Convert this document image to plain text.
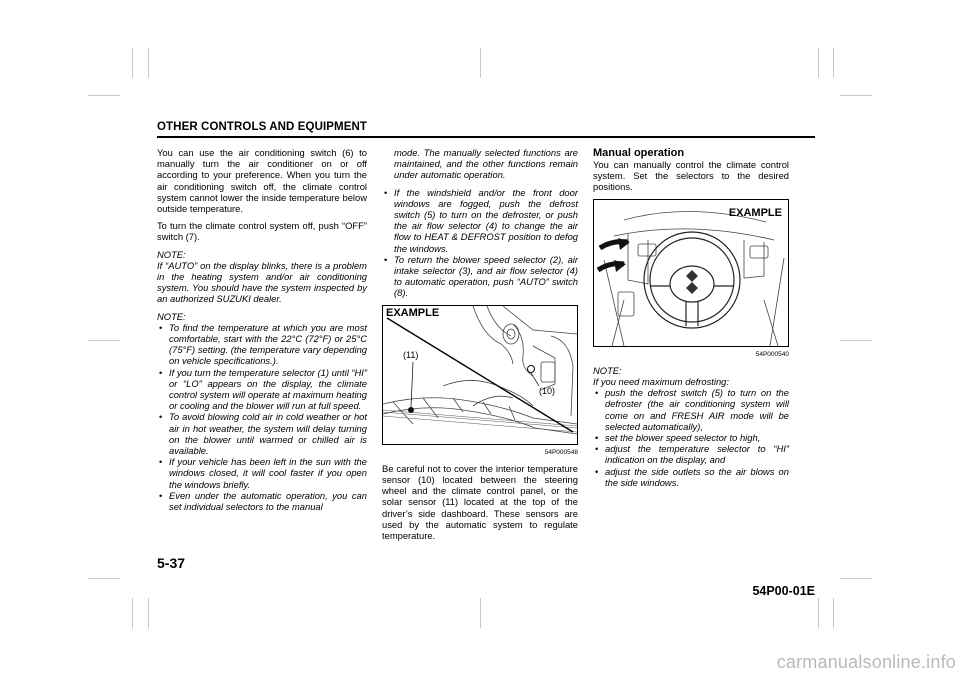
OTHER CONTROLS AND EQUIPMENT

You can use the air conditioning switch (6) to manually turn the air conditioner on or off according to your preference. When you turn the air conditioning switch off, the climate control system cannot lower the inside temperature below outside temperature.

To turn the climate control system off, push “OFF” switch (7).

NOTE:

If “AUTO” on the display blinks, there is a problem in the heating system and/or air conditioning system. You should have the system inspected by an authorized SUZUKI dealer.

NOTE:
• To find the temperature at which you are most comfortable, start with the 22°C (72°F) or 25°C (75°F) setting. (the temperature vary depending on vehicle specifications.).
• If you turn the temperature selector (1) until “HI” or “LO” appears on the display, the climate control system will operate at maximum heating or cooling and the blower will run at full speed.
• To avoid blowing cold air in cold weather or hot air in hot weather, the system will delay turning on the blower until warmed or chilled air is available.
• If your vehicle has been left in the sun with the windows closed, it will cool faster if you open the windows briefly.
• Even under the automatic operation, you can set individual selectors to the manual

mode. The manually selected functions are maintained, and the other functions remain under automatic operation.

• If the windshield and/or the front door windows are fogged, push the defrost switch (5) to turn on the defroster, or push the air flow selector (4) to change the air flow to HEAT & DEFROST position to defog the windows.
• To return the blower speed selector (2), air intake selector (3), and air flow selector (4) to automatic operation, push “AUTO” switch (8).
EXAMPLE
(11)
(10)
54P000548

Be careful not to cover the interior temperature sensor (10) located between the steering wheel and the climate control panel, or the solar sensor (11) located at the top of the driver’s side dashboard. These sensors are used by the automatic system to regulate temperature.

Manual operation

You can manually control the climate control system. Set the selectors to the desired positions.

EXAMPLE
54P000540
NOTE:
If you need maximum defrosting:
• push the defrost switch (5) to turn on the defroster (the air conditioning system will come on and FRESH AIR mode will be selected automatically),
• set the blower speed selector to high,
• adjust the temperature selector to “HI” indication on the display, and
• adjust the side outlets so the air blows on the side windows.
5-37
54P00-01E
carmanualsonline.info
